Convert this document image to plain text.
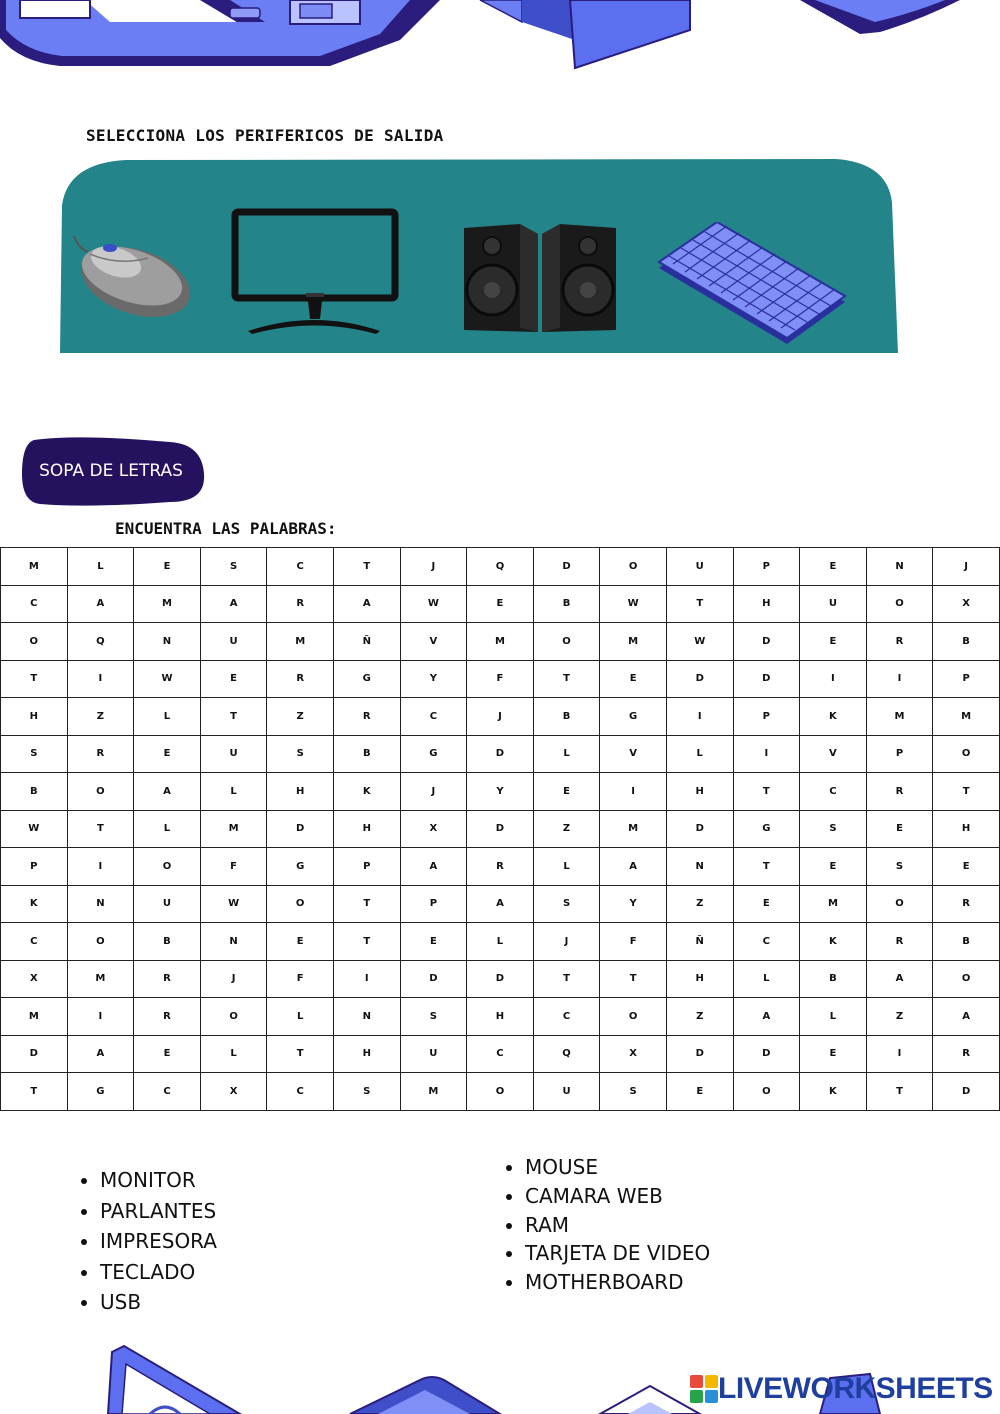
SELECCIONA LOS PERIFERICOS DE SALIDA
SOPA DE LETRAS
ENCUENTRA LAS PALABRAS:
M	L	E	S	C	T	J	Q	D	O	U	P	E	N	J
C	A	M	A	R	A	W	E	B	W	T	H	U	O	X
O	Q	N	U	M	Ñ	V	M	O	M	W	D	E	R	B
T	I	W	E	R	G	Y	F	T	E	D	D	I	I	P
H	Z	L	T	Z	R	C	J	B	G	I	P	K	M	M
S	R	E	U	S	B	G	D	L	V	L	I	V	P	O
B	O	A	L	H	K	J	Y	E	I	H	T	C	R	T
W	T	L	M	D	H	X	D	Z	M	D	G	S	E	H
P	I	O	F	G	P	A	R	L	A	N	T	E	S	E
K	N	U	W	O	T	P	A	S	Y	Z	E	M	O	R
C	O	B	N	E	T	E	L	J	F	Ñ	C	K	R	B
X	M	R	J	F	I	D	D	T	T	H	L	B	A	O
M	I	R	O	L	N	S	H	C	O	Z	A	L	Z	A
D	A	E	L	T	H	U	C	Q	X	D	D	E	I	R
T	G	C	X	C	S	M	O	U	S	E	O	K	T	D
• MONITOR
• PARLANTES
• IMPRESORA
• TECLADO
• USB
• MOUSE
• CAMARA WEB
• RAM
• TARJETA DE VIDEO
• MOTHERBOARD
LIVEWORKSHEETS
